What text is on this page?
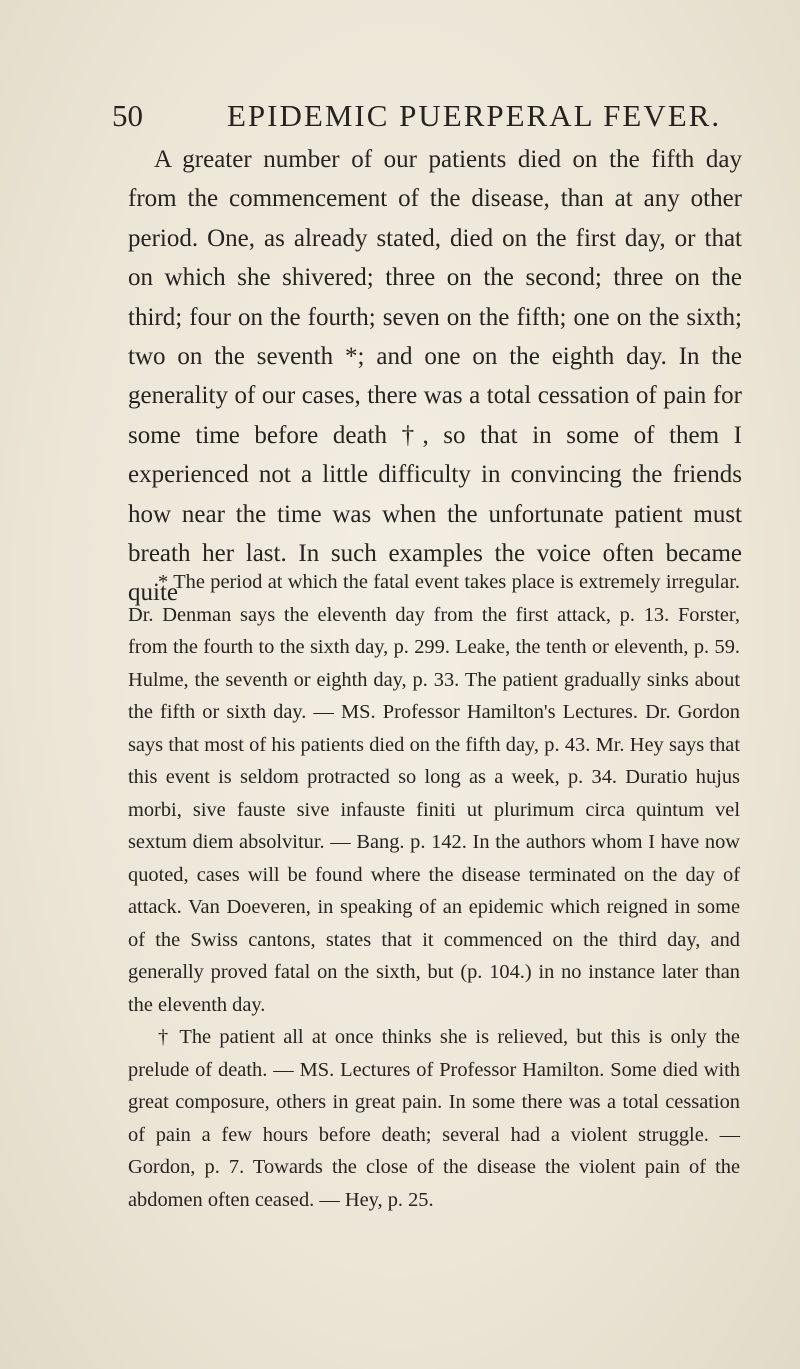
50	EPIDEMIC PUERPERAL FEVER.

A greater number of our patients died on the fifth day from the commencement of the disease, than at any other period. One, as already stated, died on the first day, or that on which she shivered; three on the second; three on the third; four on the fourth; seven on the fifth; one on the sixth; two on the seventh *; and one on the eighth day. In the generality of our cases, there was a total cessation of pain for some time before death †, so that in some of them I experienced not a little difficulty in convincing the friends how near the time was when the unfortunate patient must breath her last. In such examples the voice often became quite

* The period at which the fatal event takes place is extremely irregular. Dr. Denman says the eleventh day from the first attack, p. 13. Forster, from the fourth to the sixth day, p. 299. Leake, the tenth or eleventh, p. 59. Hulme, the seventh or eighth day, p. 33. The patient gradually sinks about the fifth or sixth day. — MS. Professor Hamilton's Lectures. Dr. Gordon says that most of his patients died on the fifth day, p. 43. Mr. Hey says that this event is seldom protracted so long as a week, p. 34. Duratio hujus morbi, sive fauste sive infauste finiti ut plurimum circa quintum vel sextum diem absolvitur. — Bang. p. 142. In the authors whom I have now quoted, cases will be found where the disease terminated on the day of attack. Van Doeveren, in speaking of an epidemic which reigned in some of the Swiss cantons, states that it commenced on the third day, and generally proved fatal on the sixth, but (p. 104.) in no instance later than the eleventh day.

† The patient all at once thinks she is relieved, but this is only the prelude of death. — MS. Lectures of Professor Hamilton. Some died with great composure, others in great pain. In some there was a total cessation of pain a few hours before death; several had a violent struggle. — Gordon, p. 7. Towards the close of the disease the violent pain of the abdomen often ceased. — Hey, p. 25.
